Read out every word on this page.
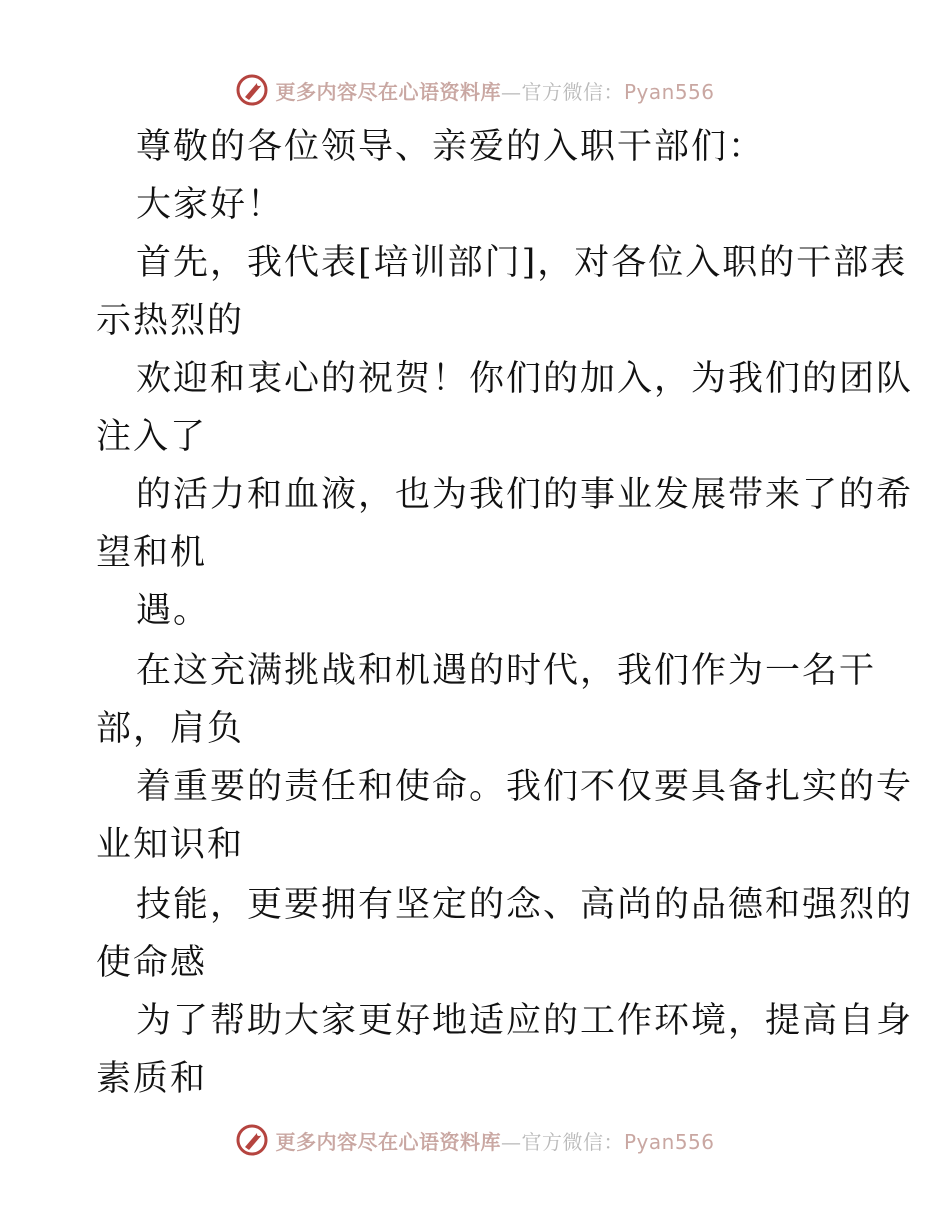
更多内容尽在心语资料库—官方微信：Pyan556
尊敬的各位领导、亲爱的入职干部们：
大家好！
首先，我代表[培训部门]，对各位入职的干部表
示热烈的
欢迎和衷心的祝贺！你们的加入，为我们的团队
注入了
的活力和血液，也为我们的事业发展带来了的希
望和机
遇。
在这充满挑战和机遇的时代，我们作为一名干
部，肩负
着重要的责任和使命。我们不仅要具备扎实的专
业知识和
技能，更要拥有坚定的念、高尚的品德和强烈的
使命感
为了帮助大家更好地适应的工作环境，提高自身
素质和
更多内容尽在心语资料库—官方微信：Pyan556
